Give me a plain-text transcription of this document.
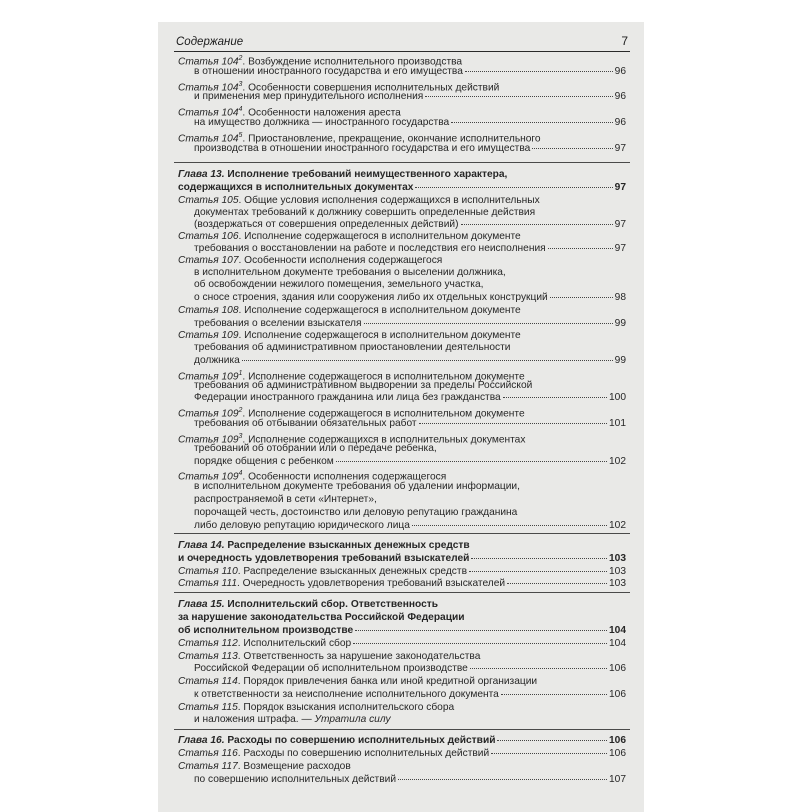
Содержание	7
Статья $104^2$. Возбуждение исполнительного производства
в отношении иностранного государства и его имущества	96
Статья $104^3$. Особенности совершения исполнительных действий
и применения мер принудительного исполнения	96
Статья $104^4$. Особенности наложения ареста
на имущество должника — иностранного государства	96
Статья $104^5$. Приостановление, прекращение, окончание исполнительного
производства в отношении иностранного государства и его имущества	97
Глава 13. Исполнение требований неимущественного характера,
содержащихся в исполнительных документах	97
Статья 105. Общие условия исполнения содержащихся в исполнительных
документах требований к должнику совершить определенные действия
(воздержаться от совершения определенных действий)	97
Статья 106. Исполнение содержащегося в исполнительном документе
требования о восстановлении на работе и последствия его неисполнения	97
Статья 107. Особенности исполнения содержащегося
в исполнительном документе требования о выселении должника,
об освобождении нежилого помещения, земельного участка,
о сносе строения, здания или сооружения либо их отдельных конструкций	98
Статья 108. Исполнение содержащегося в исполнительном документе
требования о вселении взыскателя	99
Статья 109. Исполнение содержащегося в исполнительном документе
требования об административном приостановлении деятельности
должника	99
Статья $109^1$. Исполнение содержащегося в исполнительном документе
требования об административном выдворении за пределы Российской
Федерации иностранного гражданина или лица без гражданства	100
Статья $109^2$. Исполнение содержащегося в исполнительном документе
требования об отбывании обязательных работ	101
Статья $109^3$. Исполнение содержащихся в исполнительных документах
требований об отобрании или о передаче ребенка,
порядке общения с ребенком	102
Статья $109^4$. Особенности исполнения содержащегося
в исполнительном документе требования об удалении информации,
распространяемой в сети «Интернет»,
порочащей честь, достоинство или деловую репутацию гражданина
либо деловую репутацию юридического лица	102
Глава 14. Распределение взысканных денежных средств
и очередность удовлетворения требований взыскателей	103
Статья 110. Распределение взысканных денежных средств	103
Статья 111. Очередность удовлетворения требований взыскателей	103
Глава 15. Исполнительский сбор. Ответственность
за нарушение законодательства Российской Федерации
об исполнительном производстве	104
Статья 112. Исполнительский сбор	104
Статья 113. Ответственность за нарушение законодательства
Российской Федерации об исполнительном производстве	106
Статья 114. Порядок привлечения банка или иной кредитной организации
к ответственности за неисполнение исполнительного документа	106
Статья 115. Порядок взыскания исполнительского сбора
и наложения штрафа. — Утратила силу
Глава 16. Расходы по совершению исполнительных действий	106
Статья 116. Расходы по совершению исполнительных действий	106
Статья 117. Возмещение расходов
по совершению исполнительных действий	107
